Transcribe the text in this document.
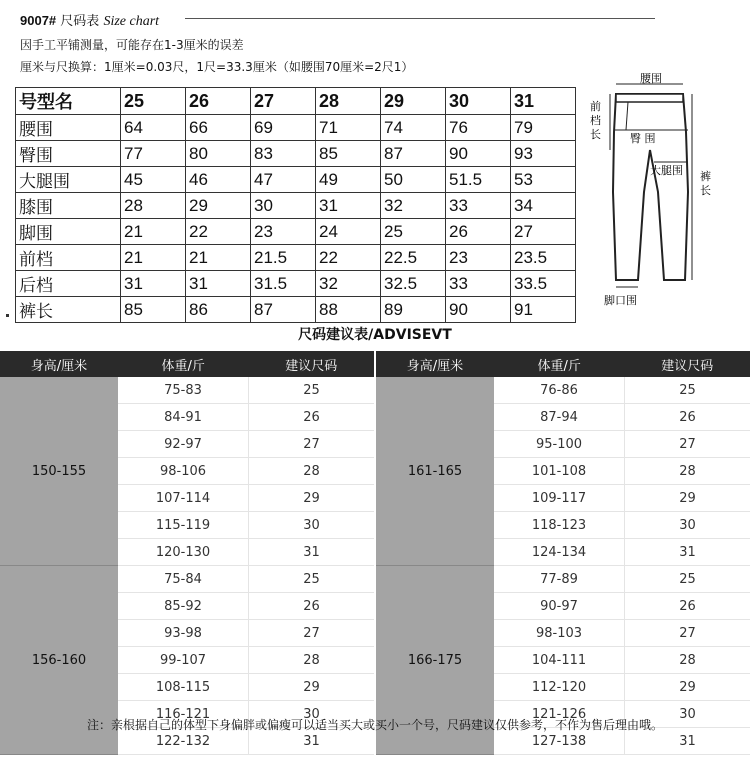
9007# 尺码表 Size chart
因手工平铺测量，可能存在1-3厘米的误差
厘米与尺换算：1厘米=0.03尺，1尺=33.3厘米（如腰围70厘米=2尺1）
号型名	25	26	27	28	29	30	31
腰围	64	66	69	71	74	76	79
臀围	77	80	83	85	87	90	93
大腿围	45	46	47	49	50	51.5	53
膝围	28	29	30	31	32	33	34
脚围	21	22	23	24	25	26	27
前档	21	21	21.5	22	22.5	23	23.5
后档	31	31	31.5	32	32.5	33	33.5
裤长	85	86	87	88	89	90	91
腰围
前
档
长	臀 围
大腿围 裤
长
脚口围
尺码建议表/ADVISEVT
身高/厘米	体重/斤	建议尺码
150-155	75-83	25
	84-91	26
	92-97	27
	98-106	28
	107-114	29
	115-119	30
	120-130	31
156-160	75-84	25
	85-92	26
	93-98	27
	99-107	28
	108-115	29
	116-121	30
	122-132	31
身高/厘米	体重/斤	建议尺码
161-165	76-86	25
	87-94	26
	95-100	27
	101-108	28
	109-117	29
	118-123	30
	124-134	31
166-175	77-89	25
	90-97	26
	98-103	27
	104-111	28
	112-120	29
	121-126	30
	127-138	31
注：亲根据自己的体型下身偏胖或偏瘦可以适当买大或买小一个号，尺码建议仅供参考，不作为售后理由哦。
